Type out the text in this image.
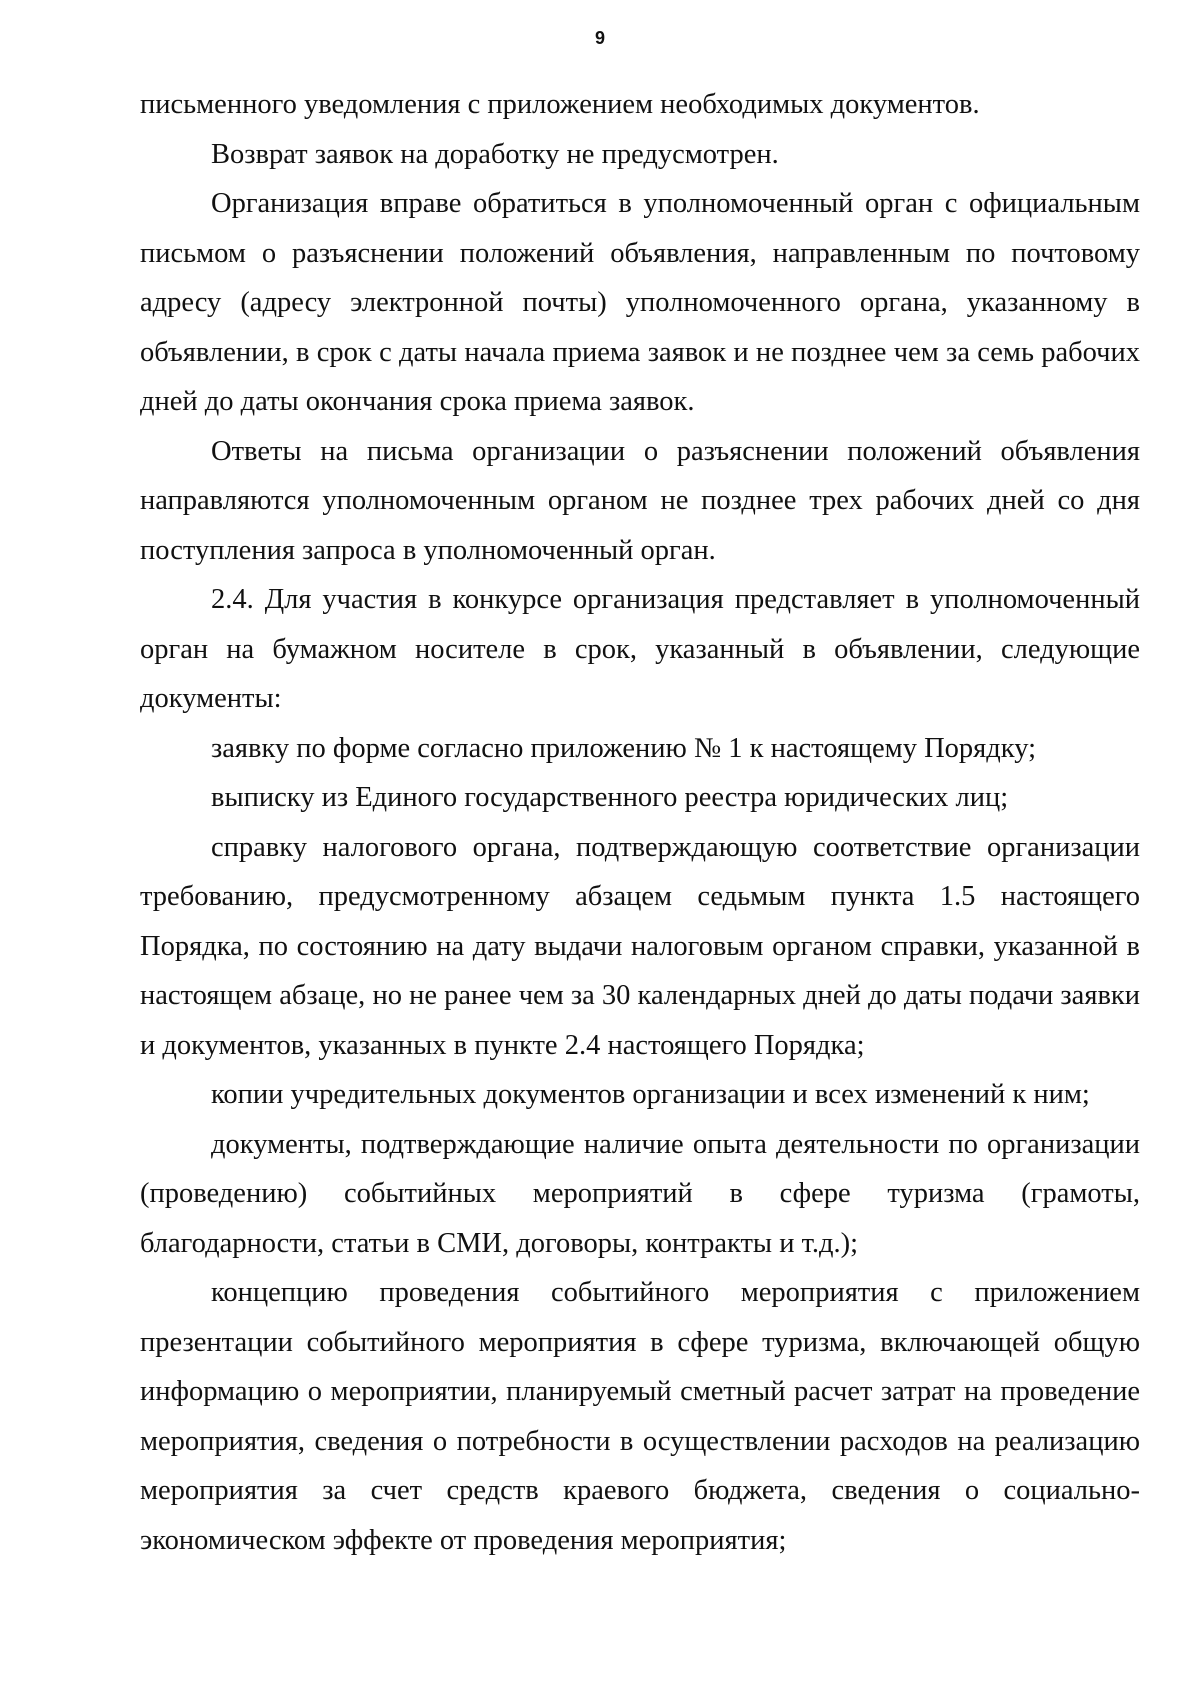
9

письменного уведомления с приложением необходимых документов.

Возврат заявок на доработку не предусмотрен.

Организация вправе обратиться в уполномоченный орган с официальным письмом о разъяснении положений объявления, направленным по почтовому адресу (адресу электронной почты) уполномоченного органа, указанному в объявлении, в срок с даты начала приема заявок и не позднее чем за семь рабочих дней до даты окончания срока приема заявок.

Ответы на письма организации о разъяснении положений объявления направляются уполномоченным органом не позднее трех рабочих дней со дня поступления запроса в уполномоченный орган.

2.4. Для участия в конкурсе организация представляет в уполномоченный орган на бумажном носителе в срок, указанный в объявлении, следующие документы:

заявку по форме согласно приложению № 1 к настоящему Порядку;

выписку из Единого государственного реестра юридических лиц;

справку налогового органа, подтверждающую соответствие организации требованию, предусмотренному абзацем седьмым пункта 1.5 настоящего Порядка, по состоянию на дату выдачи налоговым органом справки, указанной в настоящем абзаце, но не ранее чем за 30 календарных дней до даты подачи заявки и документов, указанных в пункте 2.4 настоящего Порядка;

копии учредительных документов организации и всех изменений к ним;

документы, подтверждающие наличие опыта деятельности по организации (проведению) событийных мероприятий в сфере туризма (грамоты, благодарности, статьи в СМИ, договоры, контракты и т.д.);

концепцию проведения событийного мероприятия с приложением презентации событийного мероприятия в сфере туризма, включающей общую информацию о мероприятии, планируемый сметный расчет затрат на проведение мероприятия, сведения о потребности в осуществлении расходов на реализацию мероприятия за счет средств краевого бюджета, сведения о социально-экономическом эффекте от проведения мероприятия;
